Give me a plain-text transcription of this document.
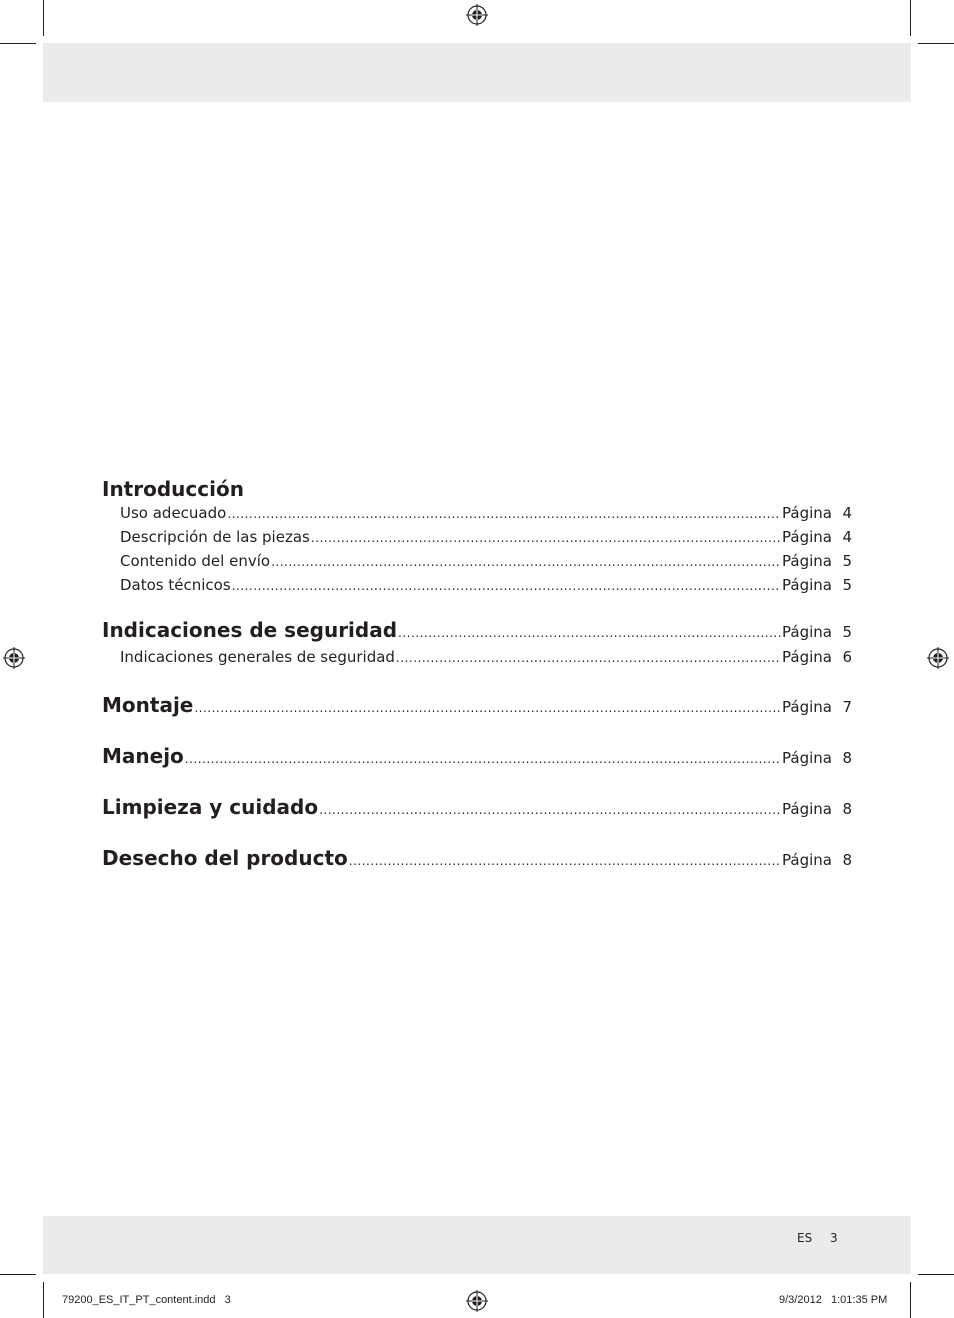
Introducción
Uso adecuado .....	Página 4
Descripción de las piezas .....	Página 4
Contenido del envío .....	Página 5
Datos técnicos .....	Página 5
Indicaciones de seguridad .....	Página 5
Indicaciones generales de seguridad .....	Página 6
Montaje .....	Página 7
Manejo .....	Página 8
Limpieza y cuidado .....	Página 8
Desecho del producto .....	Página 8
ES 3
79200_ES_IT_PT_content.indd   3	9/3/2012   1:01:35 PM
